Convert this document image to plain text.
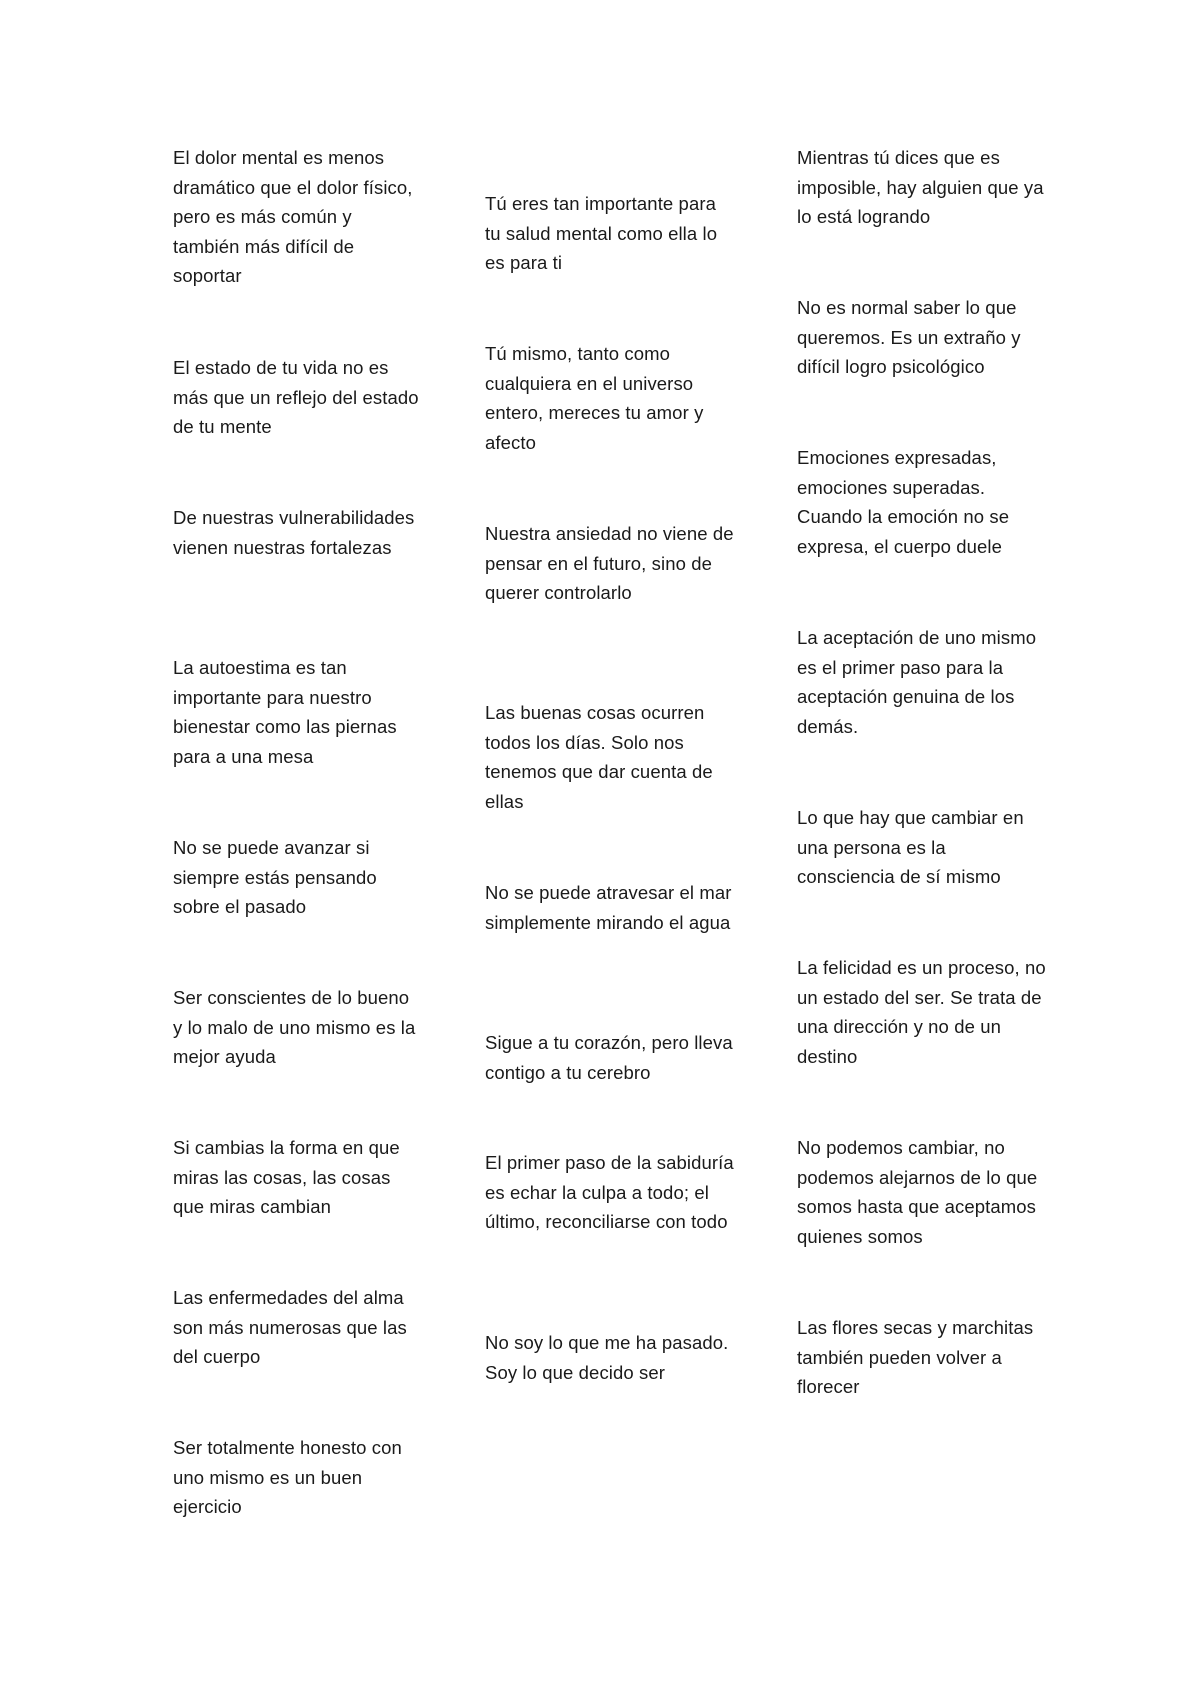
El dolor mental es menos dramático que el dolor físico, pero es más común y también más difícil de soportar

El estado de tu vida no es más que un reflejo del estado de tu mente

De nuestras vulnerabilidades vienen nuestras fortalezas

La autoestima es tan importante para nuestro bienestar como las piernas para a una mesa

No se puede avanzar si siempre estás pensando sobre el pasado

Ser conscientes de lo bueno y lo malo de uno mismo es la mejor ayuda

Si cambias la forma en que miras las cosas, las cosas que miras cambian

Las enfermedades del alma son más numerosas que las del cuerpo

Ser totalmente honesto con uno mismo es un buen ejercicio

Tú eres tan importante para tu salud mental como ella lo es para ti

Tú mismo, tanto como cualquiera en el universo entero, mereces tu amor y afecto

Nuestra ansiedad no viene de pensar en el futuro, sino de querer controlarlo

Las buenas cosas ocurren todos los días. Solo nos tenemos que dar cuenta de ellas

No se puede atravesar el mar simplemente mirando el agua

Sigue a tu corazón, pero lleva contigo a tu cerebro

El primer paso de la sabiduría es echar la culpa a todo; el último, reconciliarse con todo

No soy lo que me ha pasado. Soy lo que decido ser

Mientras tú dices que es imposible, hay alguien que ya lo está logrando

No es normal saber lo que queremos. Es un extraño y difícil logro psicológico

Emociones expresadas, emociones superadas. Cuando la emoción no se expresa, el cuerpo duele

La aceptación de uno mismo es el primer paso para la aceptación genuina de los demás.

Lo que hay que cambiar en una persona es la consciencia de sí mismo

La felicidad es un proceso, no un estado del ser. Se trata de una dirección y no de un destino

No podemos cambiar, no podemos alejarnos de lo que somos hasta que aceptamos quienes somos

Las flores secas y marchitas también pueden volver a florecer
